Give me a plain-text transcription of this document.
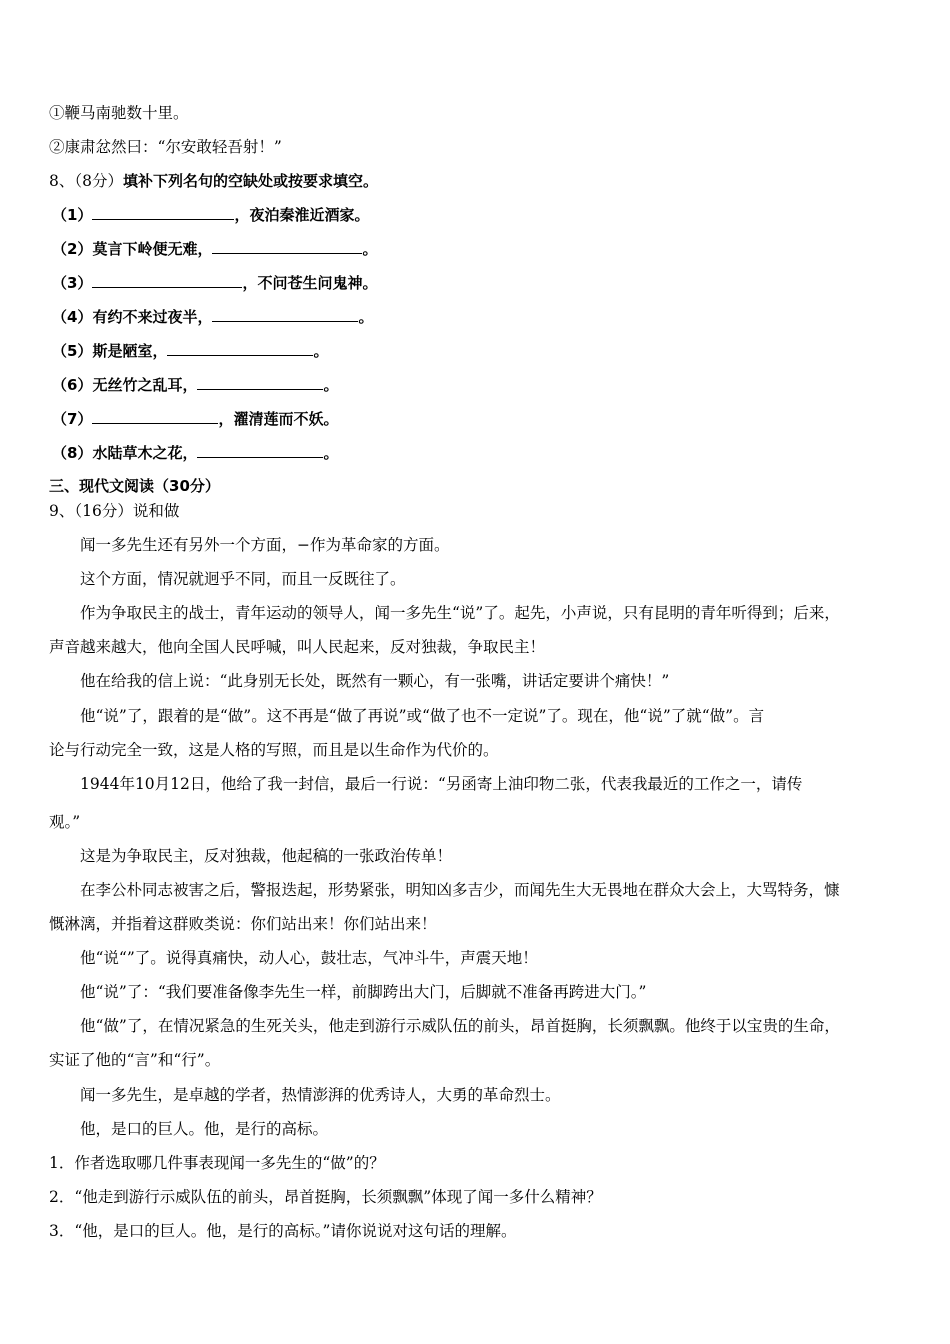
①鞭马南驰数十里。
②康肃忿然曰：“尔安敢轻吾射！”
8、（8分）填补下列名句的空缺处或按要求填空。
（1）	，夜泊秦淮近酒家。
（2）莫言下岭便无难，	。
（3）	，不问苍生问鬼神。
（4）有约不来过夜半，	。
（5）斯是陋室，	。
（6）无丝竹之乱耳，	。
（7）	，濯清莲而不妖。
（8）水陆草木之花，	。
三、现代文阅读（30分）
9、（16分）说和做
闻一多先生还有另外一个方面，−作为革命家的方面。
这个方面，情况就迥乎不同，而且一反既往了。
作为争取民主的战士，青年运动的领导人，闻一多先生“说”了。起先，小声说，只有昆明的青年听得到；后来，
声音越来越大，他向全国人民呼喊，叫人民起来，反对独裁，争取民主！
他在给我的信上说：“此身别无长处，既然有一颗心，有一张嘴，讲话定要讲个痛快！”
他“说”了，跟着的是“做”。这不再是“做了再说”或“做了也不一定说”了。现在，他“说”了就“做”。言
论与行动完全一致，这是人格的写照，而且是以生命作为代价的。
1944年10月12日，他给了我一封信，最后一行说：“另函寄上油印物二张，代表我最近的工作之一，请传
观。”
这是为争取民主，反对独裁，他起稿的一张政治传单！
在李公朴同志被害之后，警报迭起，形势紧张，明知凶多吉少，而闻先生大无畏地在群众大会上，大骂特务，慷
慨淋漓，并指着这群败类说：你们站出来！你们站出来！
他“说“”了。说得真痛快，动人心，鼓壮志，气冲斗牛，声震天地！
他“说”了：“我们要准备像李先生一样，前脚跨出大门，后脚就不准备再跨进大门。”
他“做”了，在情况紧急的生死关头，他走到游行示威队伍的前头，昂首挺胸，长须飘飘。他终于以宝贵的生命，
实证了他的“言”和“行”。
闻一多先生，是卓越的学者，热情澎湃的优秀诗人，大勇的革命烈士。
他，是口的巨人。他，是行的高标。
1．作者选取哪几件事表现闻一多先生的“做”的？
2．“他走到游行示威队伍的前头，昂首挺胸，长须飘飘”体现了闻一多什么精神？
3．“他，是口的巨人。他，是行的高标。”请你说说对这句话的理解。
